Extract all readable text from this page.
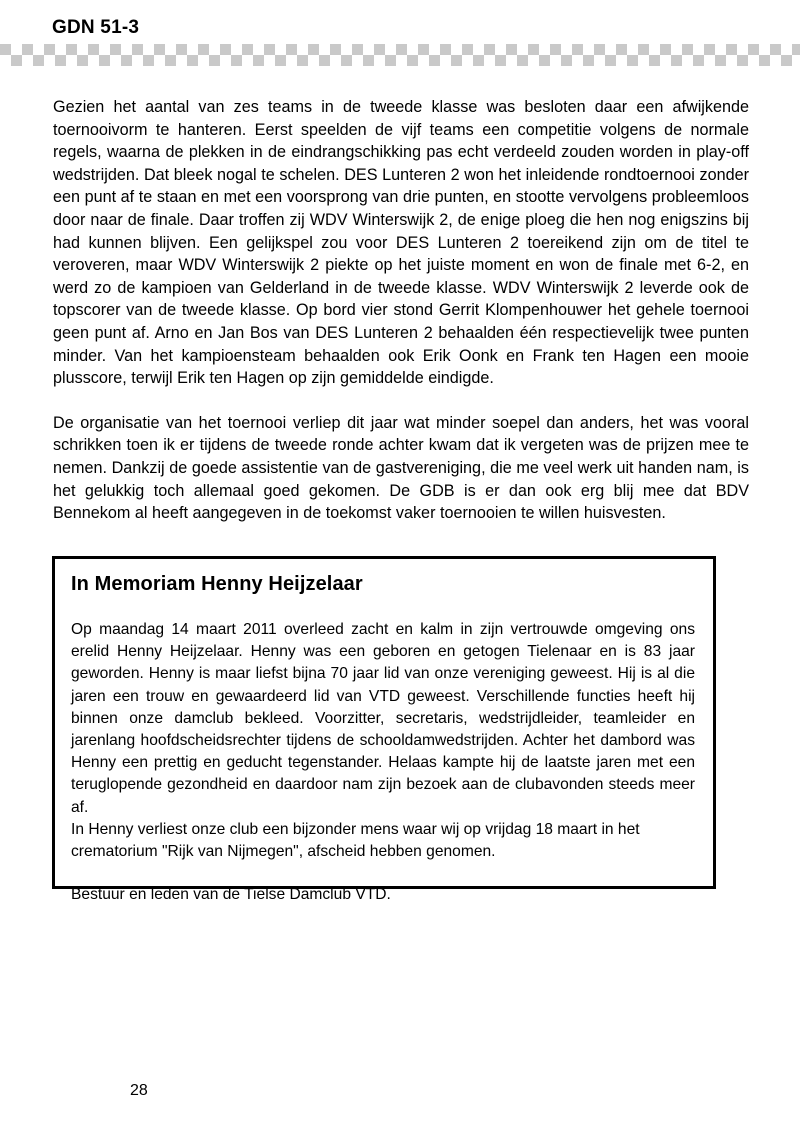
GDN 51-3

Gezien het aantal van zes teams in de tweede klasse was besloten daar een afwijkende toernooivorm te hanteren. Eerst speelden de vijf teams een competitie volgens de normale regels, waarna de plekken in de eindrangschikking pas echt verdeeld zouden worden in play-off wedstrijden. Dat bleek nogal te schelen. DES Lunteren 2 won het inleidende rondtoernooi zonder een punt af te staan en met een voorsprong van drie punten, en stootte vervolgens probleemloos door naar de finale. Daar troffen zij WDV Winterswijk 2, de enige ploeg die hen nog enigszins bij had kunnen blijven. Een gelijkspel zou voor DES Lunteren 2 toereikend zijn om de titel te veroveren, maar WDV Winterswijk 2 piekte op het juiste moment en won de finale met 6-2, en werd zo de kampioen van Gelderland in de tweede klasse. WDV Winterswijk 2 leverde ook de topscorer van de tweede klasse. Op bord vier stond Gerrit Klompenhouwer het gehele toernooi geen punt af. Arno en Jan Bos van DES Lunteren 2 behaalden één respectievelijk twee punten minder. Van het kampioensteam behaalden ook Erik Oonk en Frank ten Hagen een mooie plusscore, terwijl Erik ten Hagen op zijn gemiddelde eindigde.

De organisatie van het toernooi verliep dit jaar wat minder soepel dan anders, het was vooral schrikken toen ik er tijdens de tweede ronde achter kwam dat ik vergeten was de prijzen mee te nemen. Dankzij de goede assistentie van de gastvereniging, die me veel werk uit handen nam, is het gelukkig toch allemaal goed gekomen. De GDB is er dan ook erg blij mee dat BDV Bennekom al heeft aangegeven in de toekomst vaker toernooien te willen huisvesten.

In Memoriam Henny Heijzelaar

Op maandag 14 maart 2011 overleed zacht en kalm in zijn vertrouwde omgeving ons erelid Henny Heijzelaar. Henny was een geboren en getogen Tielenaar en is 83 jaar geworden. Henny is maar liefst bijna 70 jaar lid van onze vereniging geweest. Hij is al die jaren een trouw en gewaardeerd lid van VTD geweest. Verschillende functies heeft hij binnen onze damclub bekleed. Voorzitter, secretaris, wedstrijdleider, teamleider en jarenlang hoofdscheidsrechter tijdens de schooldamwedstrijden. Achter het dambord was Henny een prettig en geducht tegenstander. Helaas kampte hij de laatste jaren met een teruglopende gezondheid en daardoor nam zijn bezoek aan de clubavonden steeds meer af.

In Henny verliest onze club een bijzonder mens waar wij op vrijdag 18 maart in het crematorium "Rijk van Nijmegen", afscheid hebben genomen.

Bestuur en leden van de Tielse Damclub VTD.

28
